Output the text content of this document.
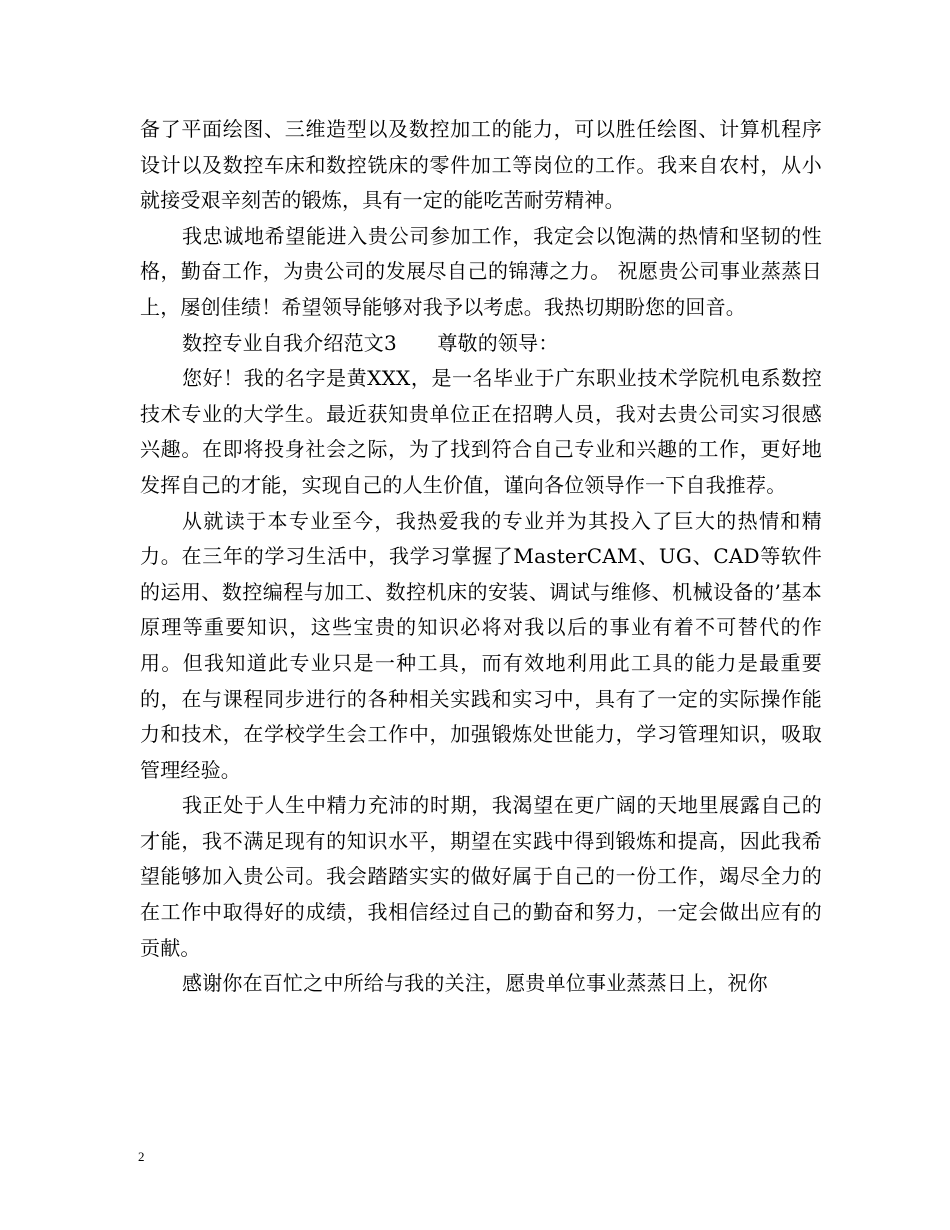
备了平面绘图、三维造型以及数控加工的能力，可以胜任绘图、计算机程序设计以及数控车床和数控铣床的零件加工等岗位的工作。我来自农村，从小就接受艰辛刻苦的锻炼，具有一定的能吃苦耐劳精神。

我忠诚地希望能进入贵公司参加工作，我定会以饱满的热情和坚韧的性格，勤奋工作，为贵公司的发展尽自己的锦薄之力。 祝愿贵公司事业蒸蒸日上，屡创佳绩！希望领导能够对我予以考虑。我热切期盼您的回音。

数控专业自我介绍范文3　　尊敬的领导：

您好！我的名字是黄XXX，是一名毕业于广东职业技术学院机电系数控技术专业的大学生。最近获知贵单位正在招聘人员，我对去贵公司实习很感兴趣。在即将投身社会之际，为了找到符合自己专业和兴趣的工作，更好地发挥自己的才能，实现自己的人生价值，谨向各位领导作一下自我推荐。

从就读于本专业至今，我热爱我的专业并为其投入了巨大的热情和精力。在三年的学习生活中，我学习掌握了MasterCAM、UG、CAD等软件的运用、数控编程与加工、数控机床的安装、调试与维修、机械设备的’基本原理等重要知识，这些宝贵的知识必将对我以后的事业有着不可替代的作用。但我知道此专业只是一种工具，而有效地利用此工具的能力是最重要的，在与课程同步进行的各种相关实践和实习中，具有了一定的实际操作能力和技术，在学校学生会工作中，加强锻炼处世能力，学习管理知识，吸取管理经验。

我正处于人生中精力充沛的时期，我渴望在更广阔的天地里展露自己的才能，我不满足现有的知识水平，期望在实践中得到锻炼和提高，因此我希望能够加入贵公司。我会踏踏实实的做好属于自己的一份工作，竭尽全力的在工作中取得好的成绩，我相信经过自己的勤奋和努力，一定会做出应有的贡献。

感谢你在百忙之中所给与我的关注，愿贵单位事业蒸蒸日上，祝你

2
